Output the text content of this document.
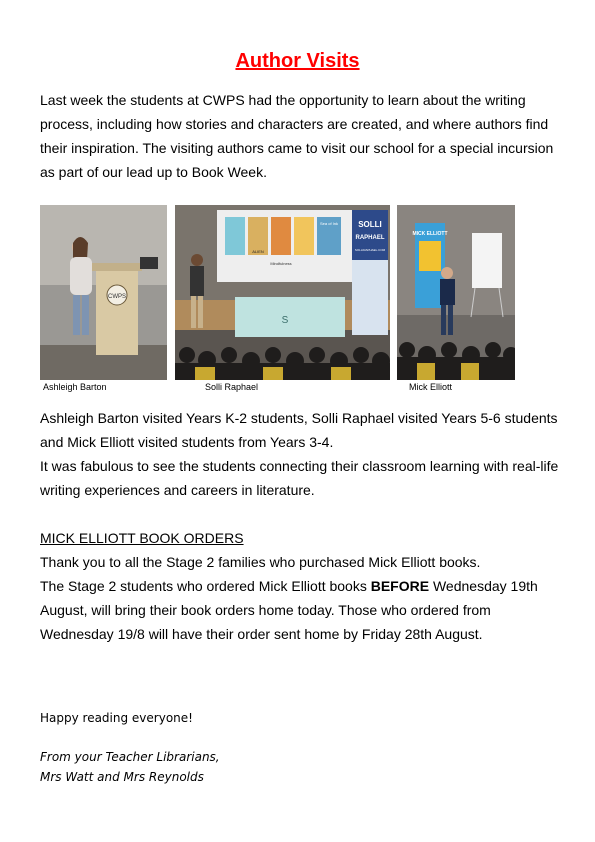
Author Visits

Last week the students at CWPS had the opportunity to learn about the writing process, including how stories and characters are created, and where authors find their inspiration. The visiting authors came to visit our school for a special incursion as part of our lead up to Book Week.

CWPS
Sea of Ink
ALIEN
Mindfulness
Ѕ
SOLLI
RAPHAEL
SOLLIRAPHAEL.COM
MICK ELLIOTT
Ashleigh Barton	Solli Raphael	Mick Elliott

Ashleigh Barton visited Years K-2 students, Solli Raphael visited Years 5-6 students and Mick Elliott visited students from Years 3-4.

It was fabulous to see the students connecting their classroom learning with real-life writing experiences and careers in literature.

MICK ELLIOTT BOOK ORDERS

Thank you to all the Stage 2 families who purchased Mick Elliott books.

The Stage 2 students who ordered Mick Elliott books BEFORE Wednesday 19th August, will bring their book orders home today. Those who ordered from Wednesday 19/8 will have their order sent home by Friday 28th August.

Happy reading everyone!
From your Teacher Librarians,
Mrs Watt and Mrs Reynolds
